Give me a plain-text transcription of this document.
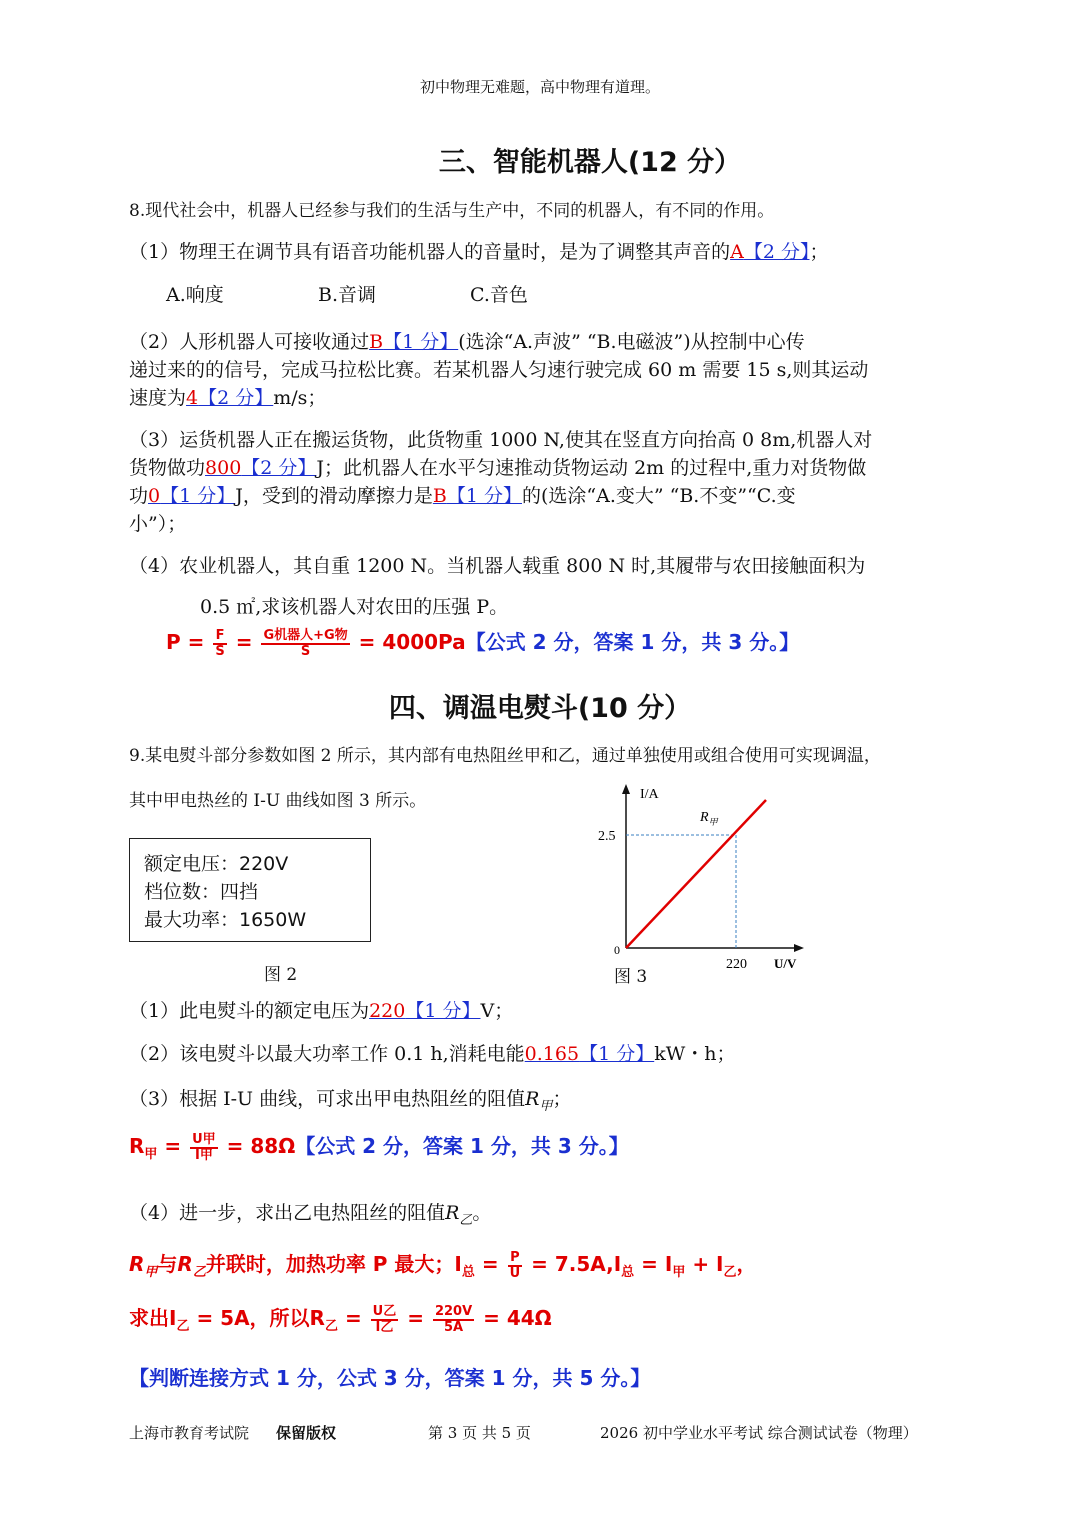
初中物理无难题，高中物理有道理。
三、智能机器人(12 分）
8.现代社会中，机器人已经参与我们的生活与生产中，不同的机器人，有不同的作用。
（1）物理王在调节具有语音功能机器人的音量时，是为了调整其声音的A【2 分】；
A.响度	B.音调	C.音色
（2）人形机器人可接收通过B【1 分】(选涂“A.声波” “B.电磁波”)从控制中心传
递过来的的信号，完成马拉松比赛。若某机器人匀速行驶完成 60 m 需要 15 s,则其运动
速度为4【2 分】m/s；
（3）运货机器人正在搬运货物，此货物重 1000 N,使其在竖直方向抬高 0 8m,机器人对
货物做功800【2 分】J；此机器人在水平匀速推动货物运动 2m 的过程中,重力对货物做
功0【1 分】J，受到的滑动摩擦力是B【1 分】的(选涂“A.变大” “B.不变”“C.变
小”）；
（4）农业机器人，其自重 1200 N。当机器人载重 800 N 时,其履带与农田接触面积为
0.5 ㎡,求该机器人对农田的压强 P。
$P = \frac{F}{S} = \frac{\text{G机器人+G物}}{S} = 4000Pa$【公式 2 分，答案 1 分，共 3 分。】
四、调温电熨斗(10 分）
9.某电熨斗部分参数如图 2 所示，其内部有电热阻丝甲和乙，通过单独使用或组合使用可实现调温，
其中甲电热丝的 I-U 曲线如图 3 所示。
额定电压：220V
档位数：四挡
最大功率：1650W
图 2
I/A
U/V
2.5
220
0
$R_甲$
图 3
（1）此电熨斗的额定电压为220【1 分】V；
（2）该电熨斗以最大功率工作 0.1 h,消耗电能0.165【1 分】kW・h；
（3）根据 I-U 曲线，可求出甲电热阻丝的阻值$R_甲$；
$R_甲 = \frac{\text{U甲}}{\text{I甲}} = 88\Omega$【公式 2 分，答案 1 分，共 3 分。】
（4）进一步，求出乙电热阻丝的阻值$R_乙$。
$R_甲$与$R_乙$并联时，加热功率 P 最大；$I_总 = \frac{P}{U} = 7.5A,I_总 = I_甲 + I_乙$，
求出$I_乙 = 5A$，所以$R_乙 = \frac{\text{U乙}}{\text{I乙}} = \frac{220V}{5A} = 44\Omega$
【判断连接方式 1 分，公式 3 分，答案 1 分，共 5 分。】
上海市教育考试院 保留版权	第 3 页 共 5 页	2026 初中学业水平考试 综合测试试卷（物理）
